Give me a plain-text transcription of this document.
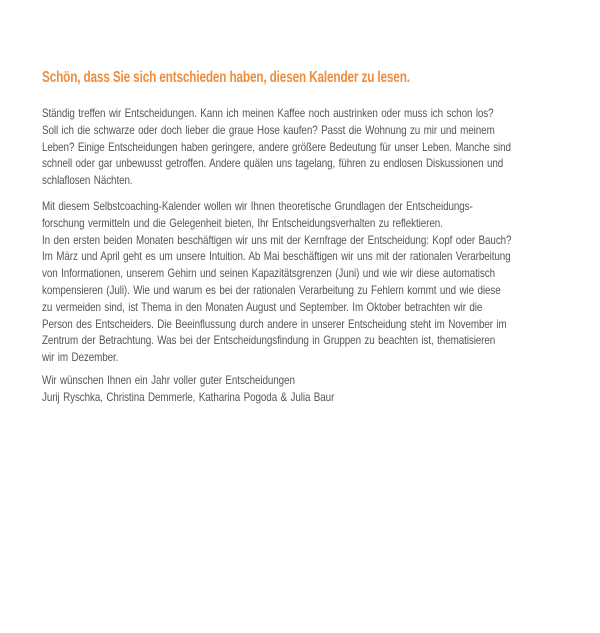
Schön, dass Sie sich entschieden haben, diesen Kalender zu lesen.
Ständig treffen wir Entscheidungen. Kann ich meinen Kaffee noch austrinken oder muss ich schon los?
Soll ich die schwarze oder doch lieber die graue Hose kaufen? Passt die Wohnung zu mir und meinem
Leben? Einige Entscheidungen haben geringere, andere größere Bedeutung für unser Leben. Manche sind
schnell oder gar unbewusst getroffen. Andere quälen uns tagelang, führen zu endlosen Diskussionen und
schlaflosen Nächten.
Mit diesem Selbstcoaching-Kalender wollen wir Ihnen theoretische Grundlagen der Entscheidungs-
forschung vermitteln und die Gelegenheit bieten, Ihr Entscheidungsverhalten zu reflektieren.
In den ersten beiden Monaten beschäftigen wir uns mit der Kernfrage der Entscheidung: Kopf oder Bauch?
Im März und April geht es um unsere Intuition. Ab Mai beschäftigen wir uns mit der rationalen Verarbeitung
von Informationen, unserem Gehirn und seinen Kapazitätsgrenzen (Juni) und wie wir diese automatisch
kompensieren (Juli). Wie und warum es bei der rationalen Verarbeitung zu Fehlern kommt und wie diese
zu vermeiden sind, ist Thema in den Monaten August und September. Im Oktober betrachten wir die
Person des Entscheiders. Die Beeinflussung durch andere in unserer Entscheidung steht im November im
Zentrum der Betrachtung. Was bei der Entscheidungsfindung in Gruppen zu beachten ist, thematisieren
wir im Dezember.
Wir wünschen Ihnen ein Jahr voller guter Entscheidungen
Jurij Ryschka, Christina Demmerle, Katharina Pogoda & Julia Baur
